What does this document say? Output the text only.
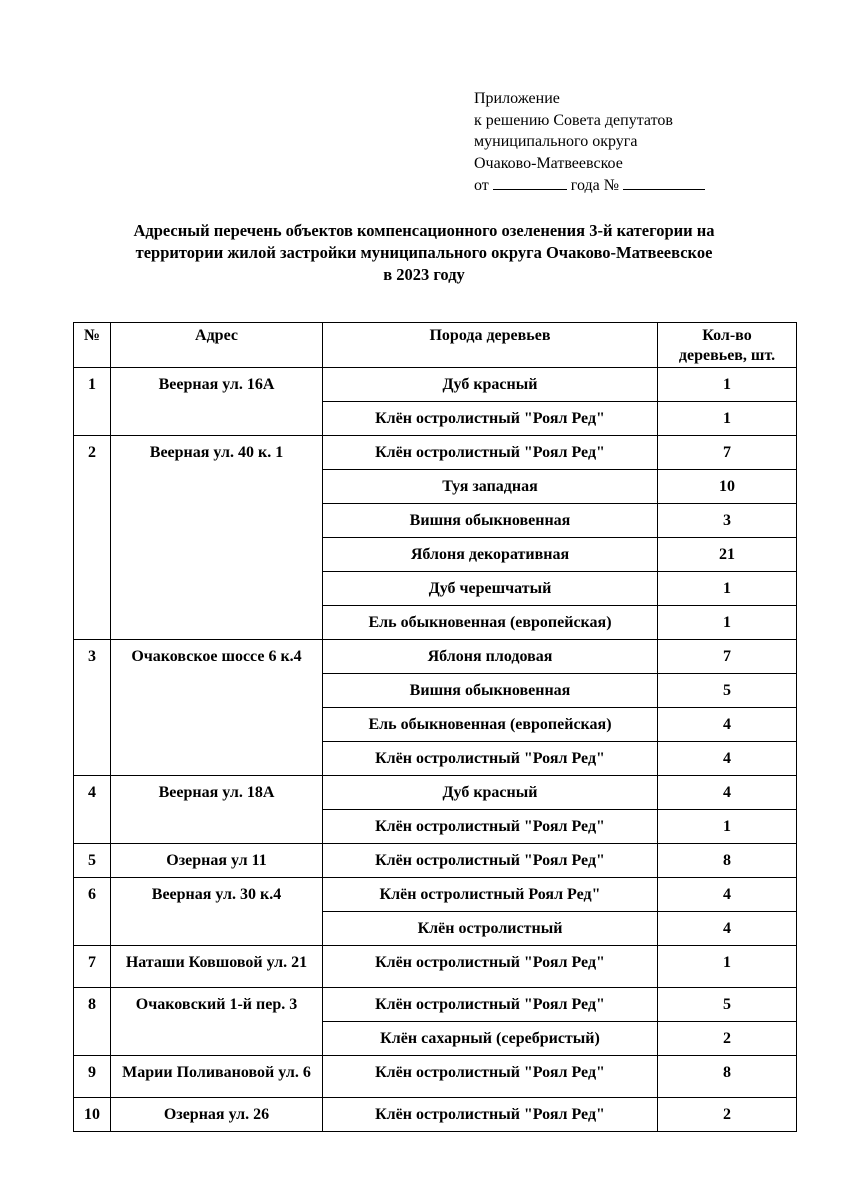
Приложение
к решению Совета депутатов
муниципального округа
Очаково-Матвеевское
от	года №
Адресный перечень объектов компенсационного озеленения 3-й категории на
территории жилой застройки муниципального округа Очаково-Матвеевское
в 2023 году
№	Адрес	Порода деревьев	Кол-во
деревьев, шт.

1	Веерная ул. 16А	Дуб красный	1
		Клён остролистный "Роял Ред"	1
2	Веерная ул. 40 к. 1	Клён остролистный "Роял Ред"	7
		Туя западная	10
		Вишня обыкновенная	3
		Яблоня декоративная	21
		Дуб черешчатый	1
		Ель обыкновенная (европейская)	1
3	Очаковское шоссе 6 к.4	Яблоня плодовая	7
		Вишня обыкновенная	5
		Ель обыкновенная (европейская)	4
		Клён остролистный "Роял Ред"	4
4	Веерная ул. 18А	Дуб красный	4
		Клён остролистный "Роял Ред"	1
5	Озерная ул 11	Клён остролистный "Роял Ред"	8
6	Веерная ул. 30 к.4	Клён остролистный Роял Ред"	4
		Клён остролистный	4
7	Наташи Ковшовой ул. 21	Клён остролистный "Роял Ред"	1
8	Очаковский 1-й пер. 3	Клён остролистный "Роял Ред"	5
		Клён сахарный (серебристый)	2
9	Марии Поливановой ул. 6	Клён остролистный "Роял Ред"	8
10	Озерная ул. 26	Клён остролистный "Роял Ред"	2
